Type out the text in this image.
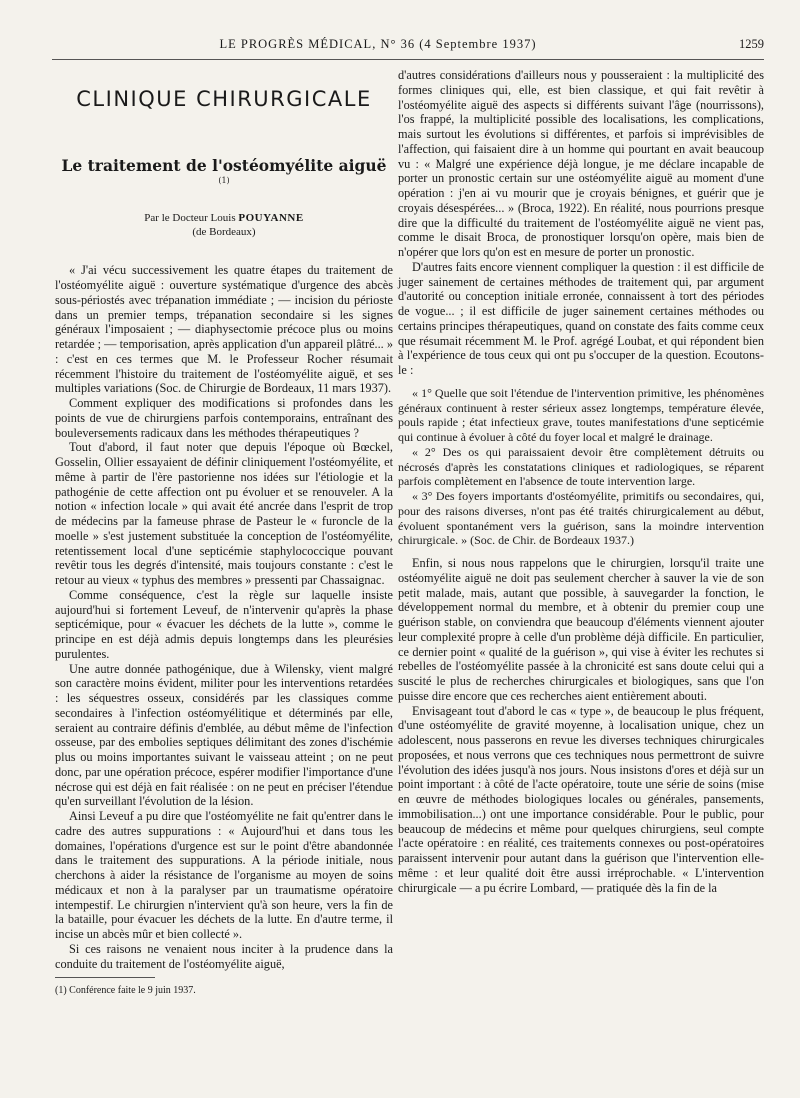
LE PROGRÈS MÉDICAL, N° 36 (4 Septembre 1937)	1259
CLINIQUE CHIRURGICALE
Le traitement de l'ostéomyélite aiguë $^{(1)}$
Par le Docteur Louis POUYANNE
(de Bordeaux)

« J'ai vécu successivement les quatre étapes du traitement de l'ostéomyélite aiguë : ouverture systématique d'urgence des abcès sous-périostés avec trépanation immédiate ; — incision du périoste dans un premier temps, trépanation secondaire si les signes généraux l'imposaient ; — diaphysectomie précoce plus ou moins retardée ; — temporisation, après application d'un appareil plâtré... » : c'est en ces termes que M. le Professeur Rocher résumait récemment l'histoire du traitement de l'ostéomyélite aiguë, et ses multiples variations (Soc. de Chirurgie de Bordeaux, 11 mars 1937).

Comment expliquer des modifications si profondes dans les points de vue de chirurgiens parfois contemporains, entraînant des bouleversements radicaux dans les méthodes thérapeutiques ?

Tout d'abord, il faut noter que depuis l'époque où Bœckel, Gosselin, Ollier essayaient de définir cliniquement l'ostéomyélite, et même à partir de l'ère pastorienne nos idées sur l'étiologie et la pathogénie de cette affection ont pu évoluer et se renouveler. A la notion « infection locale » qui avait été ancrée dans l'esprit de trop de médecins par la fameuse phrase de Pasteur le « furoncle de la moelle » s'est justement substituée la conception de l'ostéomyélite, retentissement local d'une septicémie staphylococcique pouvant revêtir tous les degrés d'intensité, mais toujours constante : c'est le retour au vieux « typhus des membres » pressenti par Chassaignac.

Comme conséquence, c'est la règle sur laquelle insiste aujourd'hui si fortement Leveuf, de n'intervenir qu'après la phase septicémique, pour « évacuer les déchets de la lutte », comme le principe en est déjà admis depuis longtemps dans les pleurésies purulentes.

Une autre donnée pathogénique, due à Wilensky, vient malgré son caractère moins évident, militer pour les interventions retardées : les séquestres osseux, considérés par les classiques comme secondaires à l'infection ostéomyélitique et déterminés par elle, seraient au contraire définis d'emblée, au début même de l'infection osseuse, par des embolies septiques délimitant des zones d'ischémie plus ou moins importantes suivant le vaisseau atteint ; on ne peut donc, par une opération précoce, espérer modifier l'importance d'une nécrose qui est déjà en fait réalisée : on ne peut en préciser l'étendue qu'en surveillant l'évolution de la lésion.

Ainsi Leveuf a pu dire que l'ostéomyélite ne fait qu'entrer dans le cadre des autres suppurations : « Aujourd'hui et dans tous les domaines, l'opérations d'urgence est sur le point d'être abandonnée dans le traitement des suppurations. A la période initiale, nous cherchons à aider la résistance de l'organisme au moyen de soins médicaux et non à la paralyser par un traumatisme opératoire intempestif. Le chirurgien n'intervient qu'à son heure, vers la fin de la bataille, pour évacuer les déchets de la lutte. En d'autre terme, il incise un abcès mûr et bien collecté ».

Si ces raisons ne venaient nous inciter à la prudence dans la conduite du traitement de l'ostéomyélite aiguë,

(1) Conférence faite le 9 juin 1937.

d'autres considérations d'ailleurs nous y pousseraient : la multiplicité des formes cliniques qui, elle, est bien classique, et qui fait revêtir à l'ostéomyélite aiguë des aspects si différents suivant l'âge (nourrissons), l'os frappé, la multiplicité possible des localisations, les complications, mais surtout les évolutions si différentes, et parfois si imprévisibles de l'affection, qui faisaient dire à un homme qui pourtant en avait beaucoup vu : « Malgré une expérience déjà longue, je me déclare incapable de porter un pronostic certain sur une ostéomyélite aiguë au moment d'une opération : j'en ai vu mourir que je croyais bénignes, et guérir que je croyais désespérées... » (Broca, 1922). En réalité, nous pourrions presque dire que la difficulté du traitement de l'ostéomyélite aiguë ne vient pas, comme le disait Broca, de pronostiquer lorsqu'on opère, mais bien de n'opérer que lors qu'on est en mesure de porter un pronostic.

D'autres faits encore viennent compliquer la question : il est difficile de juger sainement de certaines méthodes de traitement qui, par argument d'autorité ou conception initiale erronée, connaissent à tort des périodes de vogue... ; il est difficile de juger sainement certaines méthodes ou certains principes thérapeutiques, quand on constate des faits comme ceux que résumait récemment M. le Prof. agrégé Loubat, et qui répondent bien à l'expérience de tous ceux qui ont pu s'occuper de la question. Ecoutons-le :

« 1° Quelle que soit l'étendue de l'intervention primitive, les phénomènes généraux continuent à rester sérieux assez longtemps, température élevée, pouls rapide ; état infectieux grave, toutes manifestations d'une septicémie qui continue à évoluer à côté du foyer local et malgré le drainage.

« 2° Des os qui paraissaient devoir être complètement détruits ou nécrosés d'après les constatations cliniques et radiologiques, se réparent parfois complètement en l'absence de toute intervention large.

« 3° Des foyers importants d'ostéomyélite, primitifs ou secondaires, qui, pour des raisons diverses, n'ont pas été traités chirurgicalement au début, évoluent spontanément vers la guérison, sans la moindre intervention chirurgicale. » (Soc. de Chir. de Bordeaux 1937.)

Enfin, si nous nous rappelons que le chirurgien, lorsqu'il traite une ostéomyélite aiguë ne doit pas seulement chercher à sauver la vie de son petit malade, mais, autant que possible, à sauvegarder la fonction, le développement normal du membre, et à obtenir du premier coup une guérison stable, on conviendra que beaucoup d'éléments viennent ajouter leur complexité propre à celle d'un problème déjà difficile. En particulier, ce dernier point « qualité de la guérison », qui vise à éviter les rechutes si rebelles de l'ostéomyélite passée à la chronicité est sans doute celui qui a suscité le plus de recherches chirurgicales et biologiques, sans que l'on puisse dire encore que ces recherches aient entièrement abouti.

Envisageant tout d'abord le cas « type », de beaucoup le plus fréquent, d'une ostéomyélite de gravité moyenne, à localisation unique, chez un adolescent, nous passerons en revue les diverses techniques chirurgicales proposées, et nous verrons que ces techniques nous permettront de suivre l'évolution des idées jusqu'à nos jours. Nous insistons d'ores et déjà sur un point important : à côté de l'acte opératoire, toute une série de soins (mise en œuvre de méthodes biologiques locales ou générales, pansements, immobilisation...) ont une importance considérable. Pour le public, pour beaucoup de médecins et même pour quelques chirurgiens, seul compte l'acte opératoire : en réalité, ces traitements connexes ou post-opératoires paraissent intervenir pour autant dans la guérison que l'intervention elle-même : et leur qualité doit être aussi irréprochable. « L'intervention chirurgicale — a pu écrire Lombard, — pratiquée dès la fin de la
